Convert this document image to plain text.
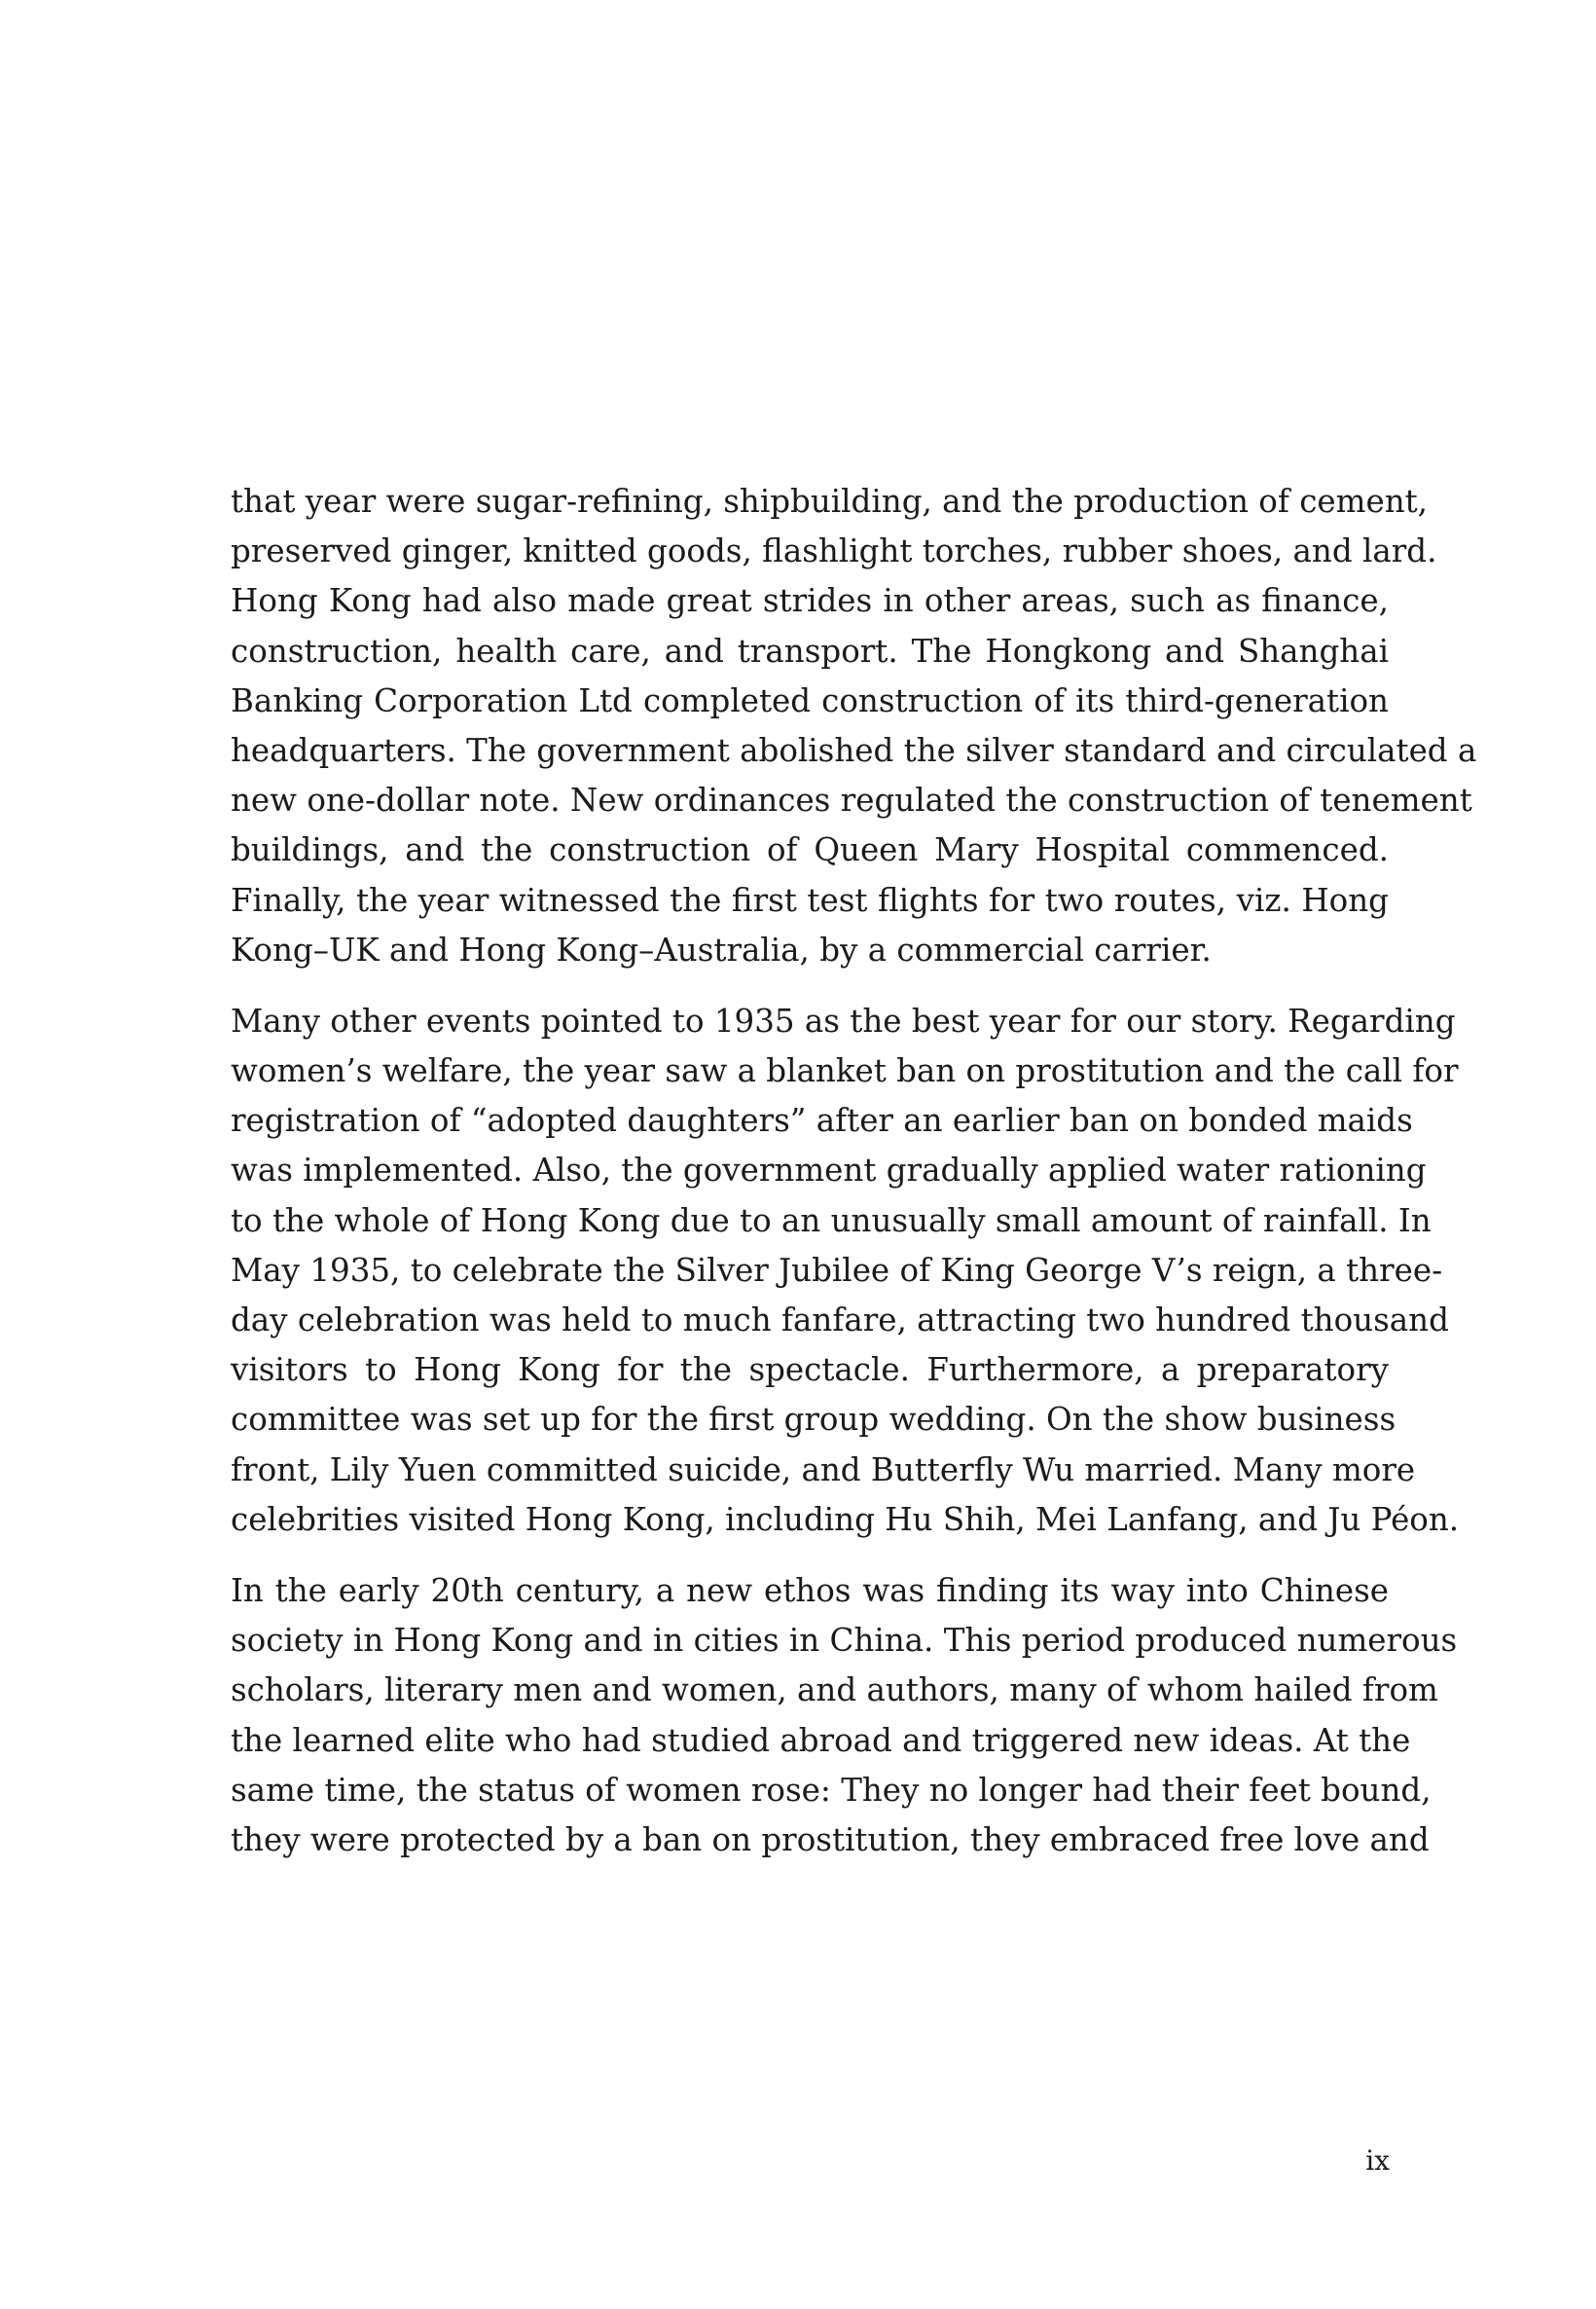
that year were sugar-refining, shipbuilding, and the production of cement,
preserved ginger, knitted goods, flashlight torches, rubber shoes, and lard.
Hong Kong had also made great strides in other areas, such as finance,
construction, health care, and transport. The Hongkong and Shanghai
Banking Corporation Ltd completed construction of its third-generation
headquarters. The government abolished the silver standard and circulated a
new one-dollar note. New ordinances regulated the construction of tenement
buildings, and the construction of Queen Mary Hospital commenced.
Finally, the year witnessed the first test flights for two routes, viz. Hong
Kong–UK and Hong Kong–Australia, by a commercial carrier.

Many other events pointed to 1935 as the best year for our story. Regarding
women’s welfare, the year saw a blanket ban on prostitution and the call for
registration of “adopted daughters” after an earlier ban on bonded maids
was implemented. Also, the government gradually applied water rationing
to the whole of Hong Kong due to an unusually small amount of rainfall. In
May 1935, to celebrate the Silver Jubilee of King George V’s reign, a three-
day celebration was held to much fanfare, attracting two hundred thousand
visitors to Hong Kong for the spectacle. Furthermore, a preparatory
committee was set up for the first group wedding. On the show business
front, Lily Yuen committed suicide, and Butterfly Wu married. Many more
celebrities visited Hong Kong, including Hu Shih, Mei Lanfang, and Ju Péon.

In the early 20th century, a new ethos was finding its way into Chinese
society in Hong Kong and in cities in China. This period produced numerous
scholars, literary men and women, and authors, many of whom hailed from
the learned elite who had studied abroad and triggered new ideas. At the
same time, the status of women rose: They no longer had their feet bound,
they were protected by a ban on prostitution, they embraced free love and

ix
